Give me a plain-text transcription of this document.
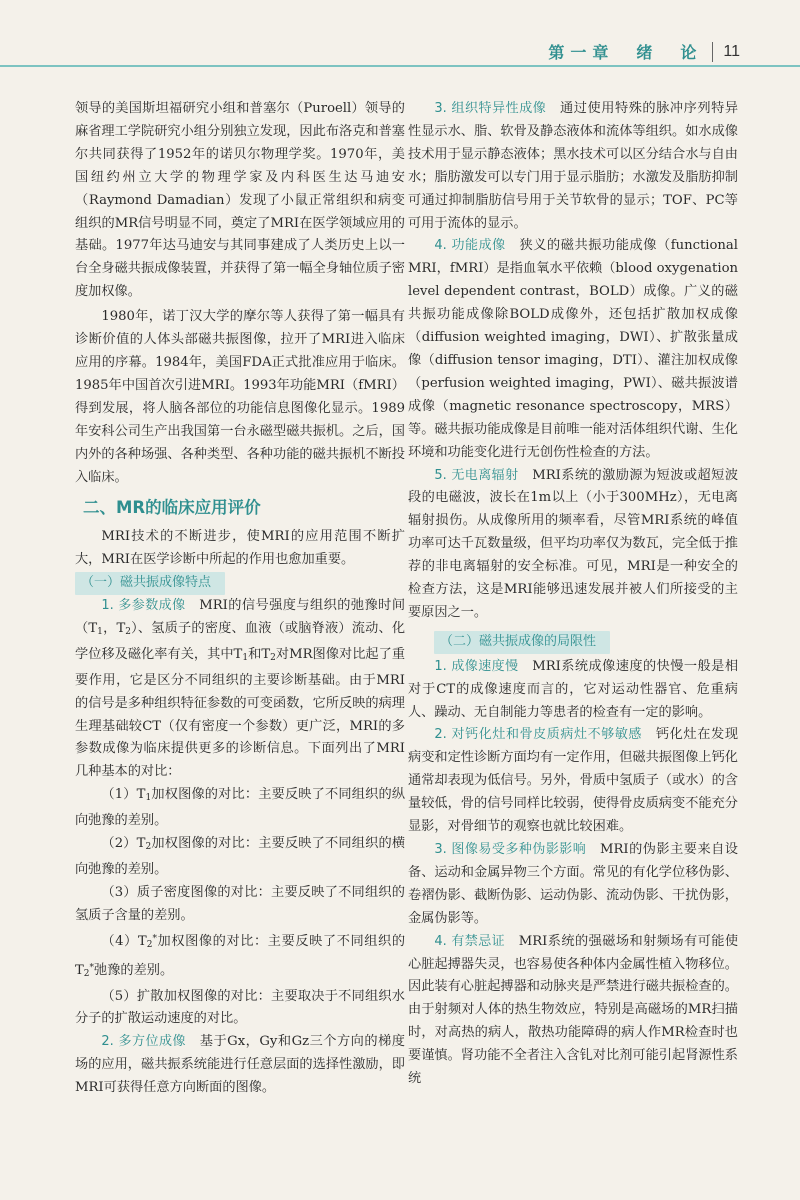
第一章　绪　论 11

领导的美国斯坦福研究小组和普塞尔（Puroell）领导的麻省理工学院研究小组分别独立发现，因此布洛克和普塞尔共同获得了1952年的诺贝尔物理学奖。1970年，美国纽约州立大学的物理学家及内科医生达马迪安（Raymond Damadian）发现了小鼠正常组织和病变组织的MR信号明显不同，奠定了MRI在医学领域应用的基础。1977年达马迪安与其同事建成了人类历史上以一台全身磁共振成像装置，并获得了第一幅全身轴位质子密度加权像。

1980年，诺丁汉大学的摩尔等人获得了第一幅具有诊断价值的人体头部磁共振图像，拉开了MRI进入临床应用的序幕。1984年，美国FDA正式批准应用于临床。1985年中国首次引进MRI。1993年功能MRI（fMRI）得到发展，将人脑各部位的功能信息图像化显示。1989年安科公司生产出我国第一台永磁型磁共振机。之后，国内外的各种场强、各种类型、各种功能的磁共振机不断投入临床。

二、MR的临床应用评价

MRI技术的不断进步，使MRI的应用范围不断扩大，MRI在医学诊断中所起的作用也愈加重要。

（一）磁共振成像特点

1. 多参数成像　MRI的信号强度与组织的弛豫时间（$T_1$，$T_2$）、氢质子的密度、血液（或脑脊液）流动、化学位移及磁化率有关，其中$T_1$和$T_2$对MR图像对比起了重要作用，它是区分不同组织的主要诊断基础。由于MRI的信号是多种组织特征参数的可变函数，它所反映的病理生理基础较CT（仅有密度一个参数）更广泛，MRI的多参数成像为临床提供更多的诊断信息。下面列出了MRI几种基本的对比：

$(1)T_1$加权图像的对比：主要反映了不同组织的纵向弛豫的差别。

$(2)T_2$加权图像的对比：主要反映了不同组织的横向弛豫的差别。

（3）质子密度图像的对比：主要反映了不同组织的氢质子含量的差别。

$(4)T_2^*$加权图像的对比：主要反映了不同组织的$T_2^*$弛豫的差别。

（5）扩散加权图像的对比：主要取决于不同组织水分子的扩散运动速度的对比。

2. 多方位成像　基于Gx，Gy和Gz三个方向的梯度场的应用，磁共振系统能进行任意层面的选择性激励，即MRI可获得任意方向断面的图像。

3. 组织特异性成像　通过使用特殊的脉冲序列特异性显示水、脂、软骨及静态液体和流体等组织。如水成像技术用于显示静态液体；黑水技术可以区分结合水与自由水；脂肪激发可以专门用于显示脂肪；水激发及脂肪抑制可通过抑制脂肪信号用于关节软骨的显示；TOF、PC等可用于流体的显示。

4. 功能成像　狭义的磁共振功能成像（functional MRI，fMRI）是指血氧水平依赖（blood oxygenation level dependent contrast，BOLD）成像。广义的磁共振功能成像除BOLD成像外，还包括扩散加权成像（diffusion weighted imaging，DWI）、扩散张量成像（diffusion tensor imaging，DTI）、灌注加权成像（perfusion weighted imaging，PWI）、磁共振波谱成像（magnetic resonance spectroscopy，MRS）等。磁共振功能成像是目前唯一能对活体组织代谢、生化环境和功能变化进行无创伤性检查的方法。

5. 无电离辐射　MRI系统的激励源为短波或超短波段的电磁波，波长在1m以上（小于300MHz），无电离辐射损伤。从成像所用的频率看，尽管MRI系统的峰值功率可达千瓦数量级，但平均功率仅为数瓦，完全低于推荐的非电离辐射的安全标准。可见，MRI是一种安全的检查方法，这是MRI能够迅速发展并被人们所接受的主要原因之一。

（二）磁共振成像的局限性

1. 成像速度慢　MRI系统成像速度的快慢一般是相对于CT的成像速度而言的，它对运动性器官、危重病人、躁动、无自制能力等患者的检查有一定的影响。

2. 对钙化灶和骨皮质病灶不够敏感　钙化灶在发现病变和定性诊断方面均有一定作用，但磁共振图像上钙化通常却表现为低信号。另外，骨质中氢质子（或水）的含量较低，骨的信号同样比较弱，使得骨皮质病变不能充分显影，对骨细节的观察也就比较困难。

3. 图像易受多种伪影影响　MRI的伪影主要来自设备、运动和金属异物三个方面。常见的有化学位移伪影、卷褶伪影、截断伪影、运动伪影、流动伪影、干扰伪影，金属伪影等。

4. 有禁忌证　MRI系统的强磁场和射频场有可能使心脏起搏器失灵，也容易使各种体内金属性植入物移位。因此装有心脏起搏器和动脉夹是严禁进行磁共振检查的。由于射频对人体的热生物效应，特别是高磁场的MR扫描时，对高热的病人，散热功能障碍的病人作MR检查时也要谨慎。肾功能不全者注入含钆对比剂可能引起肾源性系统
